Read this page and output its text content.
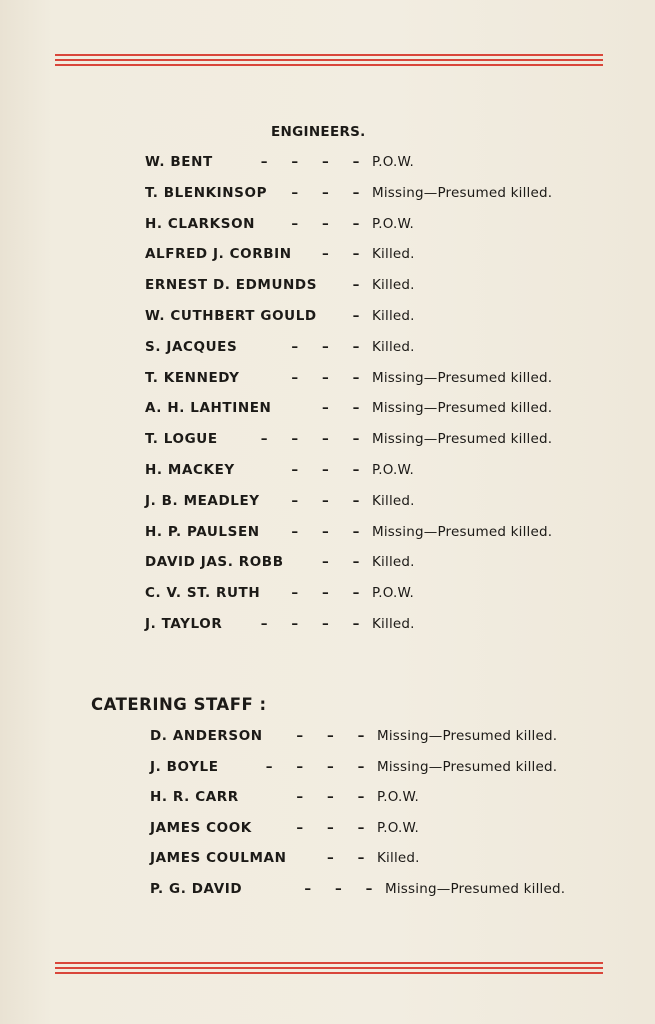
ENGINEERS.
W. BENT	– – – – P.O.W.
T. BLENKINSOP – – – Missing—Presumed killed.
H. CLARKSON	– – – P.O.W.
ALFRED J. CORBIN – – Killed.
ERNEST D. EDMUNDS	– Killed.
W. CUTHBERT GOULD	– Killed.
S. JACQUES	– – – Killed.
T. KENNEDY	– – – Missing—Presumed killed.
A. H. LAHTINEN	– – Missing—Presumed killed.
T. LOGUE	– – – – Missing—Presumed killed.
H. MACKEY	– – – P.O.W.
J. B. MEADLEY – – – Killed.
H. P. PAULSEN – – – Missing—Presumed killed.
DAVID JAS. ROBB	– – Killed.
C. V. ST. RUTH – – – P.O.W.
J. TAYLOR	– – – – Killed.
CATERING STAFF :
D. ANDERSON – – – Missing—Presumed killed.
J. BOYLE	– – – – Missing—Presumed killed.
H. R. CARR	– – – P.O.W.
JAMES COOK	– – – P.O.W.
JAMES COULMAN	– – Killed.
P. G. DAVID	– – – Missing—Presumed killed.
